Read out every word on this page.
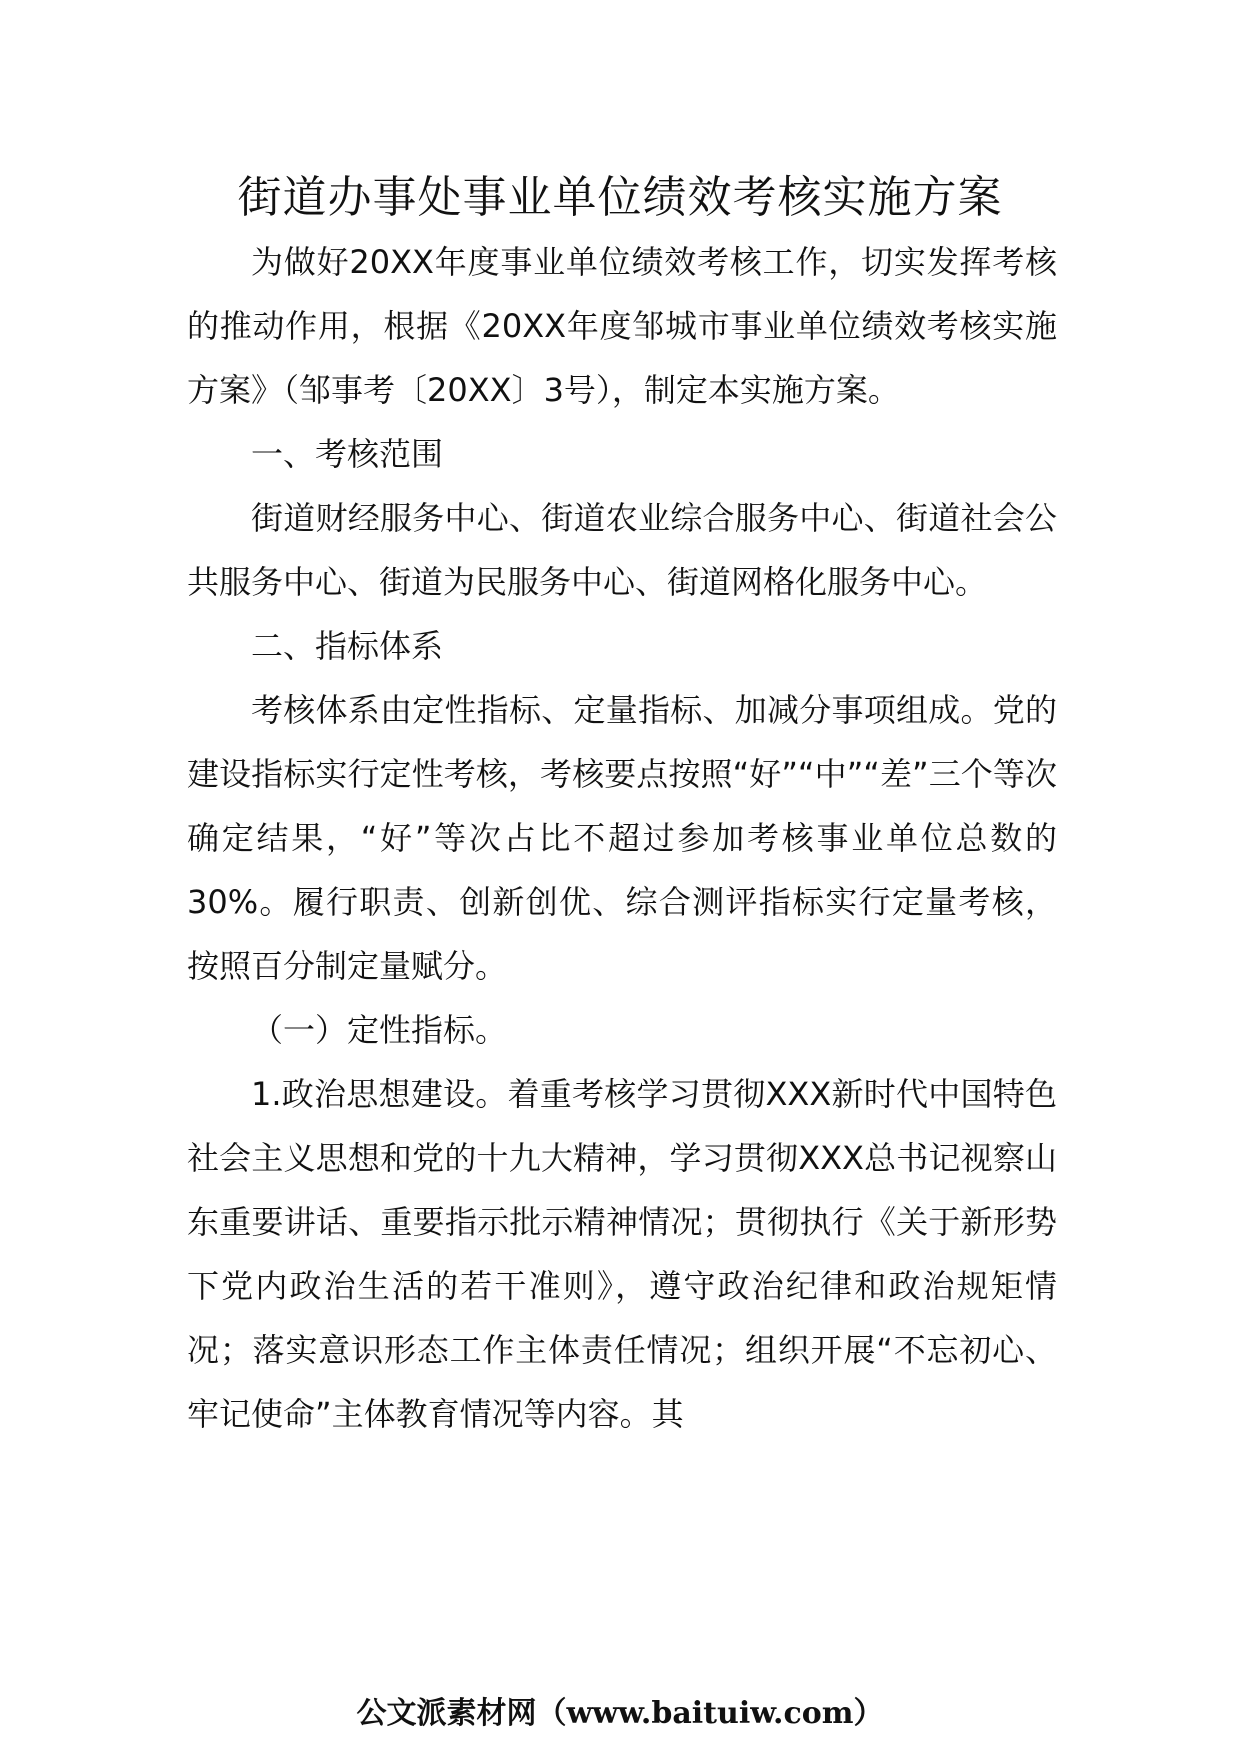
街道办事处事业单位绩效考核实施方案

为做好20XX年度事业单位绩效考核工作，切实发挥考核的推动作用，根据《20XX年度邹城市事业单位绩效考核实施方案》（邹事考〔20XX〕3号），制定本实施方案。

一、考核范围

街道财经服务中心、街道农业综合服务中心、街道社会公共服务中心、街道为民服务中心、街道网格化服务中心。

二、指标体系

考核体系由定性指标、定量指标、加减分事项组成。党的建设指标实行定性考核，考核要点按照“好”“中”“差”三个等次确定结果，“好”等次占比不超过参加考核事业单位总数的30%。履行职责、创新创优、综合测评指标实行定量考核，按照百分制定量赋分。

（一）定性指标。

1.政治思想建设。着重考核学习贯彻XXX新时代中国特色社会主义思想和党的十九大精神，学习贯彻XXX总书记视察山东重要讲话、重要指示批示精神情况；贯彻执行《关于新形势下党内政治生活的若干准则》，遵守政治纪律和政治规矩情况；落实意识形态工作主体责任情况；组织开展“不忘初心、牢记使命”主体教育情况等内容。其

公文派素材网（www.baituiw.com）
